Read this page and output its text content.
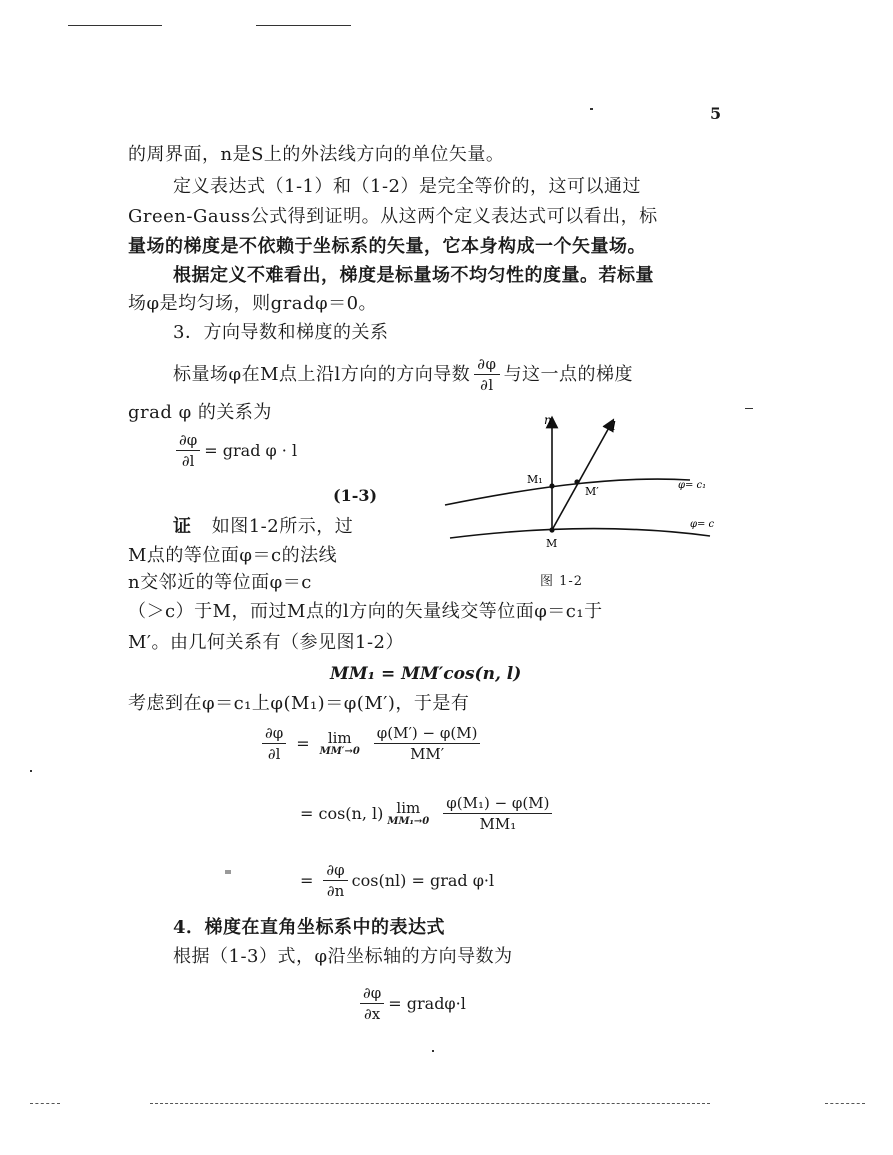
5
的周界面，n是S上的外法线方向的单位矢量。
定义表达式（1-1）和（1-2）是完全等价的，这可以通过
Green-Gauss公式得到证明。从这两个定义表达式可以看出，标
量场的梯度是不依赖于坐标系的矢量，它本身构成一个矢量场。
根据定义不难看出，梯度是标量场不均匀性的度量。若标量
场φ是均匀场，则gradφ＝0。
3．方向导数和梯度的关系
标量场φ在M点上沿l方向的方向导数 $\frac{\partial\varphi}{\partial l}$ 与这一点的梯度
grad φ 的关系为
$\frac{\partial\varphi}{\partial l}$ = grad φ · l
(1-3)
证 如图1-2所示，过
M点的等位面φ＝c的法线
n交邻近的等位面φ＝c
（＞c）于M，而过M点的l方向的矢量线交等位面φ＝c₁于
M′。由几何关系有（参见图1-2）
MM₁ = MM′cos(n, l)
考虑到在φ＝c₁上φ(M₁)＝φ(M′)，于是有
$\frac{\partial\varphi}{\partial l} = \lim$
$MM'\to 0 \frac{\varphi(M') - \varphi(M)}{MM'}$
= cos(n, l) lim
$MM_1\to 0 \frac{\text{φ(M₁) − φ(M)}}{\text{MM₁}}$
= $\frac{\partial\varphi}{\partial n} \cos(nl)$ = grad φ·l
4．梯度在直角坐标系中的表达式
根据（1-3）式，φ沿坐标轴的方向导数为
$\frac{\partial\varphi}{\partial x}$ = gradφ·l
n	l
M₁
M′
M
φ= c₁
φ= c
图 1-2
